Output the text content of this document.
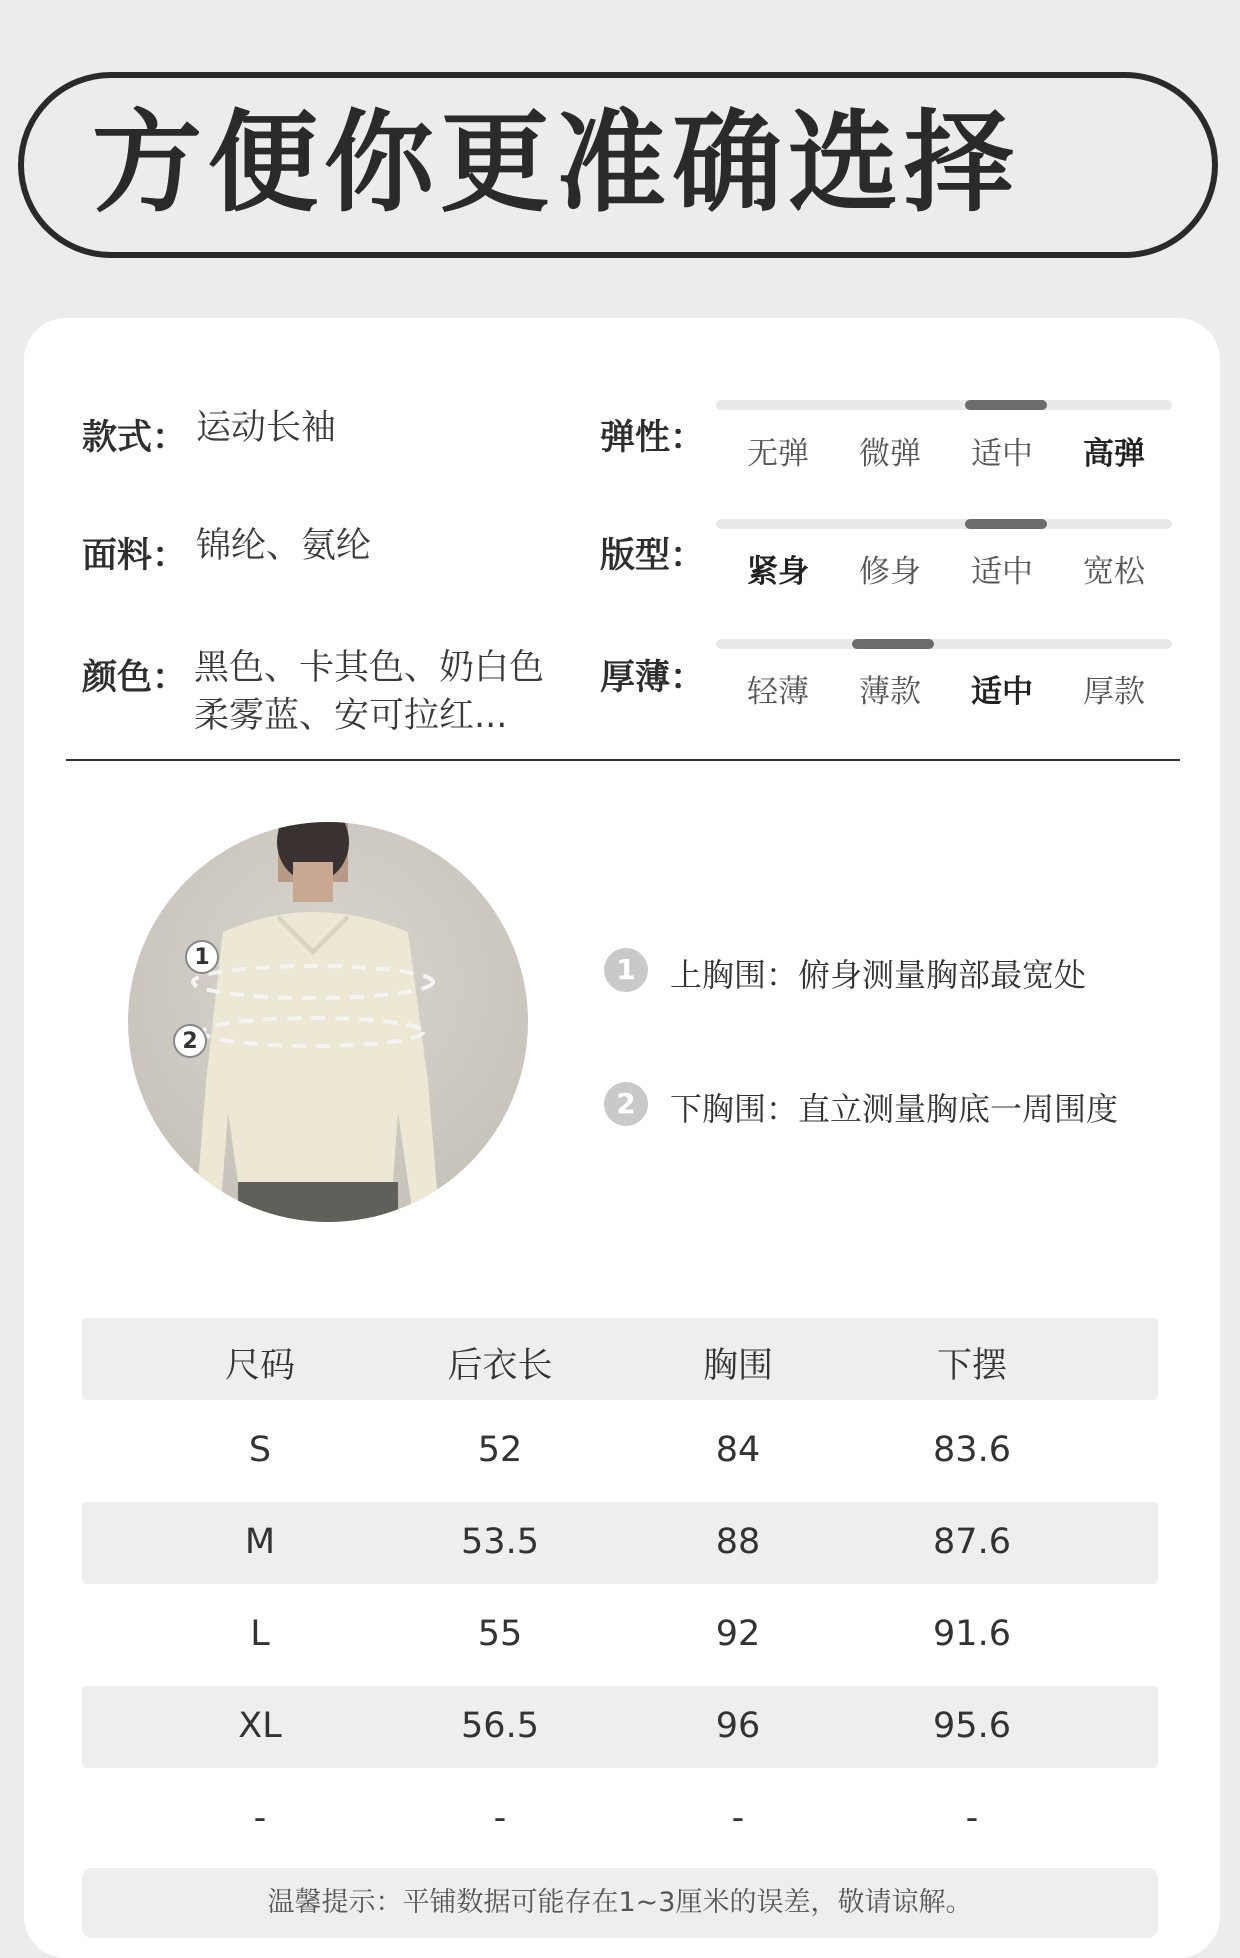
方便你更准确选择
款式： 运动长袖
面料： 锦纶、氨纶
颜色： 黑色、卡其色、奶白色
柔雾蓝、安可拉红...
弹性：	无弹	微弹	适中	高弹
版型：	紧身	修身	适中	宽松
厚薄：	轻薄	薄款	适中	厚款
1
2
1	上胸围：俯身测量胸部最宽处
2	下胸围：直立测量胸底一周围度
尺码	后衣长	胸围	下摆
S	52	84	83.6
M	53.5	88	87.6
L	55	92	91.6
XL	56.5	96	95.6
-	-	-	-
温馨提示：平铺数据可能存在1~3厘米的误差，敬请谅解。
